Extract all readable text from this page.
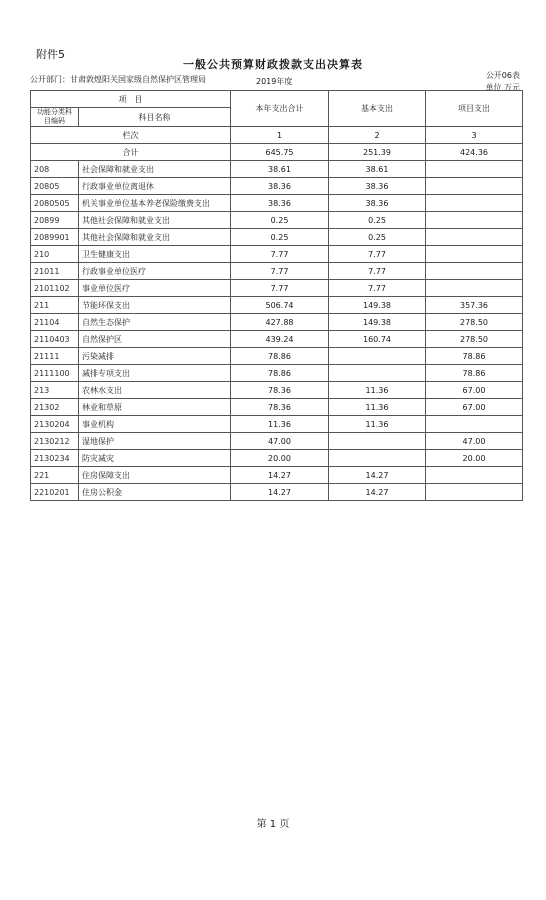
附件5
一般公共预算财政拨款支出决算表
公开部门：甘肃敦煌阳关国家级自然保护区管理局	2019年度
公开06表
单位 万元
项　目		本年支出合计	基本支出	项目支出
功能分类科目编码	科目名称			

栏次		1	2	3
合计		645.75	251.39	424.36
208	社会保障和就业支出	38.61	38.61	
20805	行政事业单位离退休	38.36	38.36	
2080505	机关事业单位基本养老保险缴费支出	38.36	38.36	
20899	其他社会保障和就业支出	0.25	0.25	
2089901	其他社会保障和就业支出	0.25	0.25	
210	卫生健康支出	7.77	7.77	
21011	行政事业单位医疗	7.77	7.77	
2101102	事业单位医疗	7.77	7.77	
211	节能环保支出	506.74	149.38	357.36
21104	自然生态保护	427.88	149.38	278.50
2110403	自然保护区	439.24	160.74	278.50
21111	污染减排	78.86		78.86
2111100	减排专项支出	78.86		78.86
213	农林水支出	78.36	11.36	67.00
21302	林业和草原	78.36	11.36	67.00
2130204	事业机构	11.36	11.36	
2130212	湿地保护	47.00		47.00
2130234	防灾减灾	20.00		20.00
221	住房保障支出	14.27	14.27	
2210201	住房公积金	14.27	14.27	
第 1 页
